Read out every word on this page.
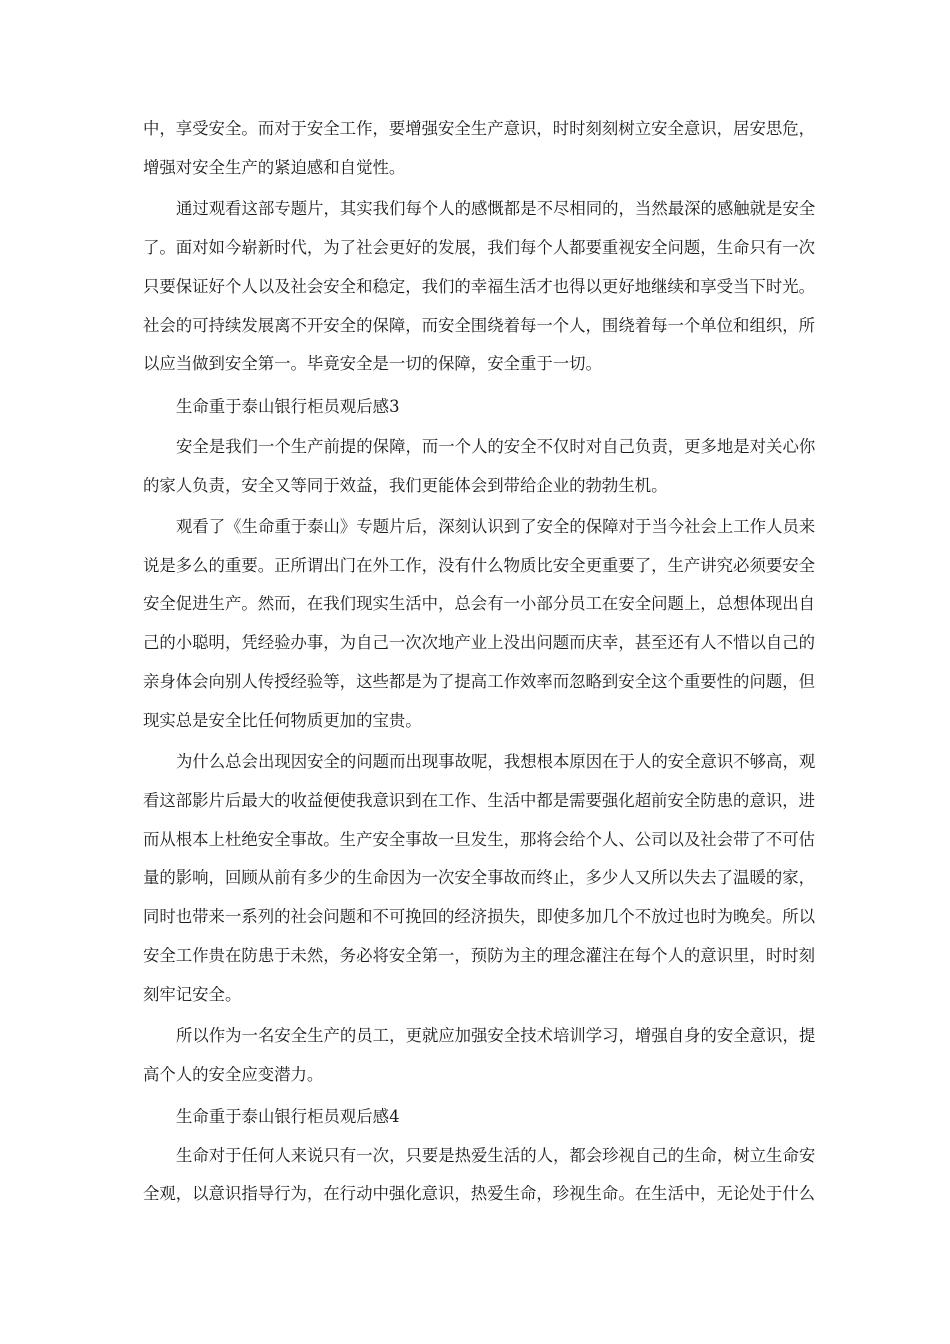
中，享受安全。而对于安全工作，要增强安全生产意识，时时刻刻树立安全意识，居安思危，
增强对安全生产的紧迫感和自觉性。
通过观看这部专题片，其实我们每个人的感慨都是不尽相同的，当然最深的感触就是安全
了。面对如今崭新时代，为了社会更好的发展，我们每个人都要重视安全问题，生命只有一次
只要保证好个人以及社会安全和稳定，我们的幸福生活才也得以更好地继续和享受当下时光。
社会的可持续发展离不开安全的保障，而安全围绕着每一个人，围绕着每一个单位和组织，所
以应当做到安全第一。毕竟安全是一切的保障，安全重于一切。
生命重于泰山银行柜员观后感3
安全是我们一个生产前提的保障，而一个人的安全不仅时对自己负责，更多地是对关心你
的家人负责，安全又等同于效益，我们更能体会到带给企业的勃勃生机。
观看了《生命重于泰山》专题片后，深刻认识到了安全的保障对于当今社会上工作人员来
说是多么的重要。正所谓出门在外工作，没有什么物质比安全更重要了，生产讲究必须要安全
安全促进生产。然而，在我们现实生活中，总会有一小部分员工在安全问题上，总想体现出自
己的小聪明，凭经验办事，为自己一次次地产业上没出问题而庆幸，甚至还有人不惜以自己的
亲身体会向别人传授经验等，这些都是为了提高工作效率而忽略到安全这个重要性的问题，但
现实总是安全比任何物质更加的宝贵。
为什么总会出现因安全的问题而出现事故呢，我想根本原因在于人的安全意识不够高，观
看这部影片后最大的收益便使我意识到在工作、生活中都是需要强化超前安全防患的意识，进
而从根本上杜绝安全事故。生产安全事故一旦发生，那将会给个人、公司以及社会带了不可估
量的影响，回顾从前有多少的生命因为一次安全事故而终止，多少人又所以失去了温暖的家，
同时也带来一系列的社会问题和不可挽回的经济损失，即使多加几个不放过也时为晚矣。所以
安全工作贵在防患于未然，务必将安全第一，预防为主的理念灌注在每个人的意识里，时时刻
刻牢记安全。
所以作为一名安全生产的员工，更就应加强安全技术培训学习，增强自身的安全意识，提
高个人的安全应变潜力。
生命重于泰山银行柜员观后感4
生命对于任何人来说只有一次，只要是热爱生活的人，都会珍视自己的生命，树立生命安
全观，以意识指导行为，在行动中强化意识，热爱生命，珍视生命。在生活中，无论处于什么
